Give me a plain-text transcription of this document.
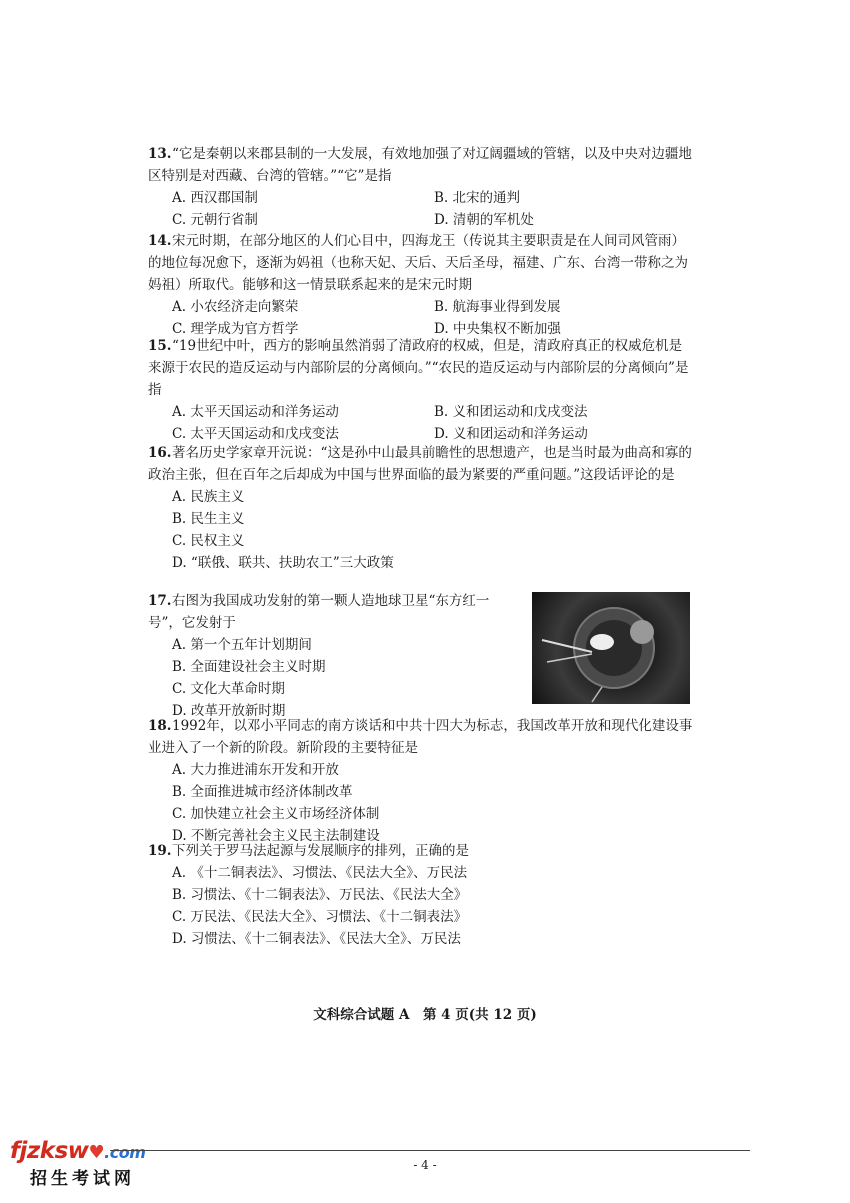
13.“它是秦朝以来郡县制的一大发展，有效地加强了对辽阔疆域的管辖，以及中央对边疆地区特别是对西藏、台湾的管辖。”“它”是指
A. 西汉郡国制	B. 北宋的通判
C. 元朝行省制	D. 清朝的军机处
14.宋元时期，在部分地区的人们心目中，四海龙王（传说其主要职责是在人间司风管雨）的地位每况愈下，逐渐为妈祖（也称天妃、天后、天后圣母，福建、广东、台湾一带称之为妈祖）所取代。能够和这一情景联系起来的是宋元时期
A. 小农经济走向繁荣	B. 航海事业得到发展
C. 理学成为官方哲学	D. 中央集权不断加强
15.“19世纪中叶，西方的影响虽然消弱了清政府的权威，但是，清政府真正的权威危机是来源于农民的造反运动与内部阶层的分离倾向。”“农民的造反运动与内部阶层的分离倾向”是指
A. 太平天国运动和洋务运动	B. 义和团运动和戊戌变法
C. 太平天国运动和戊戌变法	D. 义和团运动和洋务运动
16.著名历史学家章开沅说：“这是孙中山最具前瞻性的思想遗产，也是当时最为曲高和寡的政治主张，但在百年之后却成为中国与世界面临的最为紧要的严重问题。”这段话评论的是
A. 民族主义
B. 民生主义
C. 民权主义
D. “联俄、联共、扶助农工”三大政策
17.右图为我国成功发射的第一颗人造地球卫星“东方红一号”，它发射于
A. 第一个五年计划期间
B. 全面建设社会主义时期
C. 文化大革命时期
D. 改革开放新时期
18.1992年，以邓小平同志的南方谈话和中共十四大为标志，我国改革开放和现代化建设事业进入了一个新的阶段。新阶段的主要特征是
A. 大力推进浦东开发和开放
B. 全面推进城市经济体制改革
C. 加快建立社会主义市场经济体制
D. 不断完善社会主义民主法制建设
19.下列关于罗马法起源与发展顺序的排列，正确的是
A. 《十二铜表法》、习惯法、《民法大全》、万民法
B. 习惯法、《十二铜表法》、万民法、《民法大全》
C. 万民法、《民法大全》、习惯法、《十二铜表法》
D. 习惯法、《十二铜表法》、《民法大全》、万民法
文科综合试题 A　第 4 页(共 12 页)
fjzksw♥.com
招生考试网
- 4 -
